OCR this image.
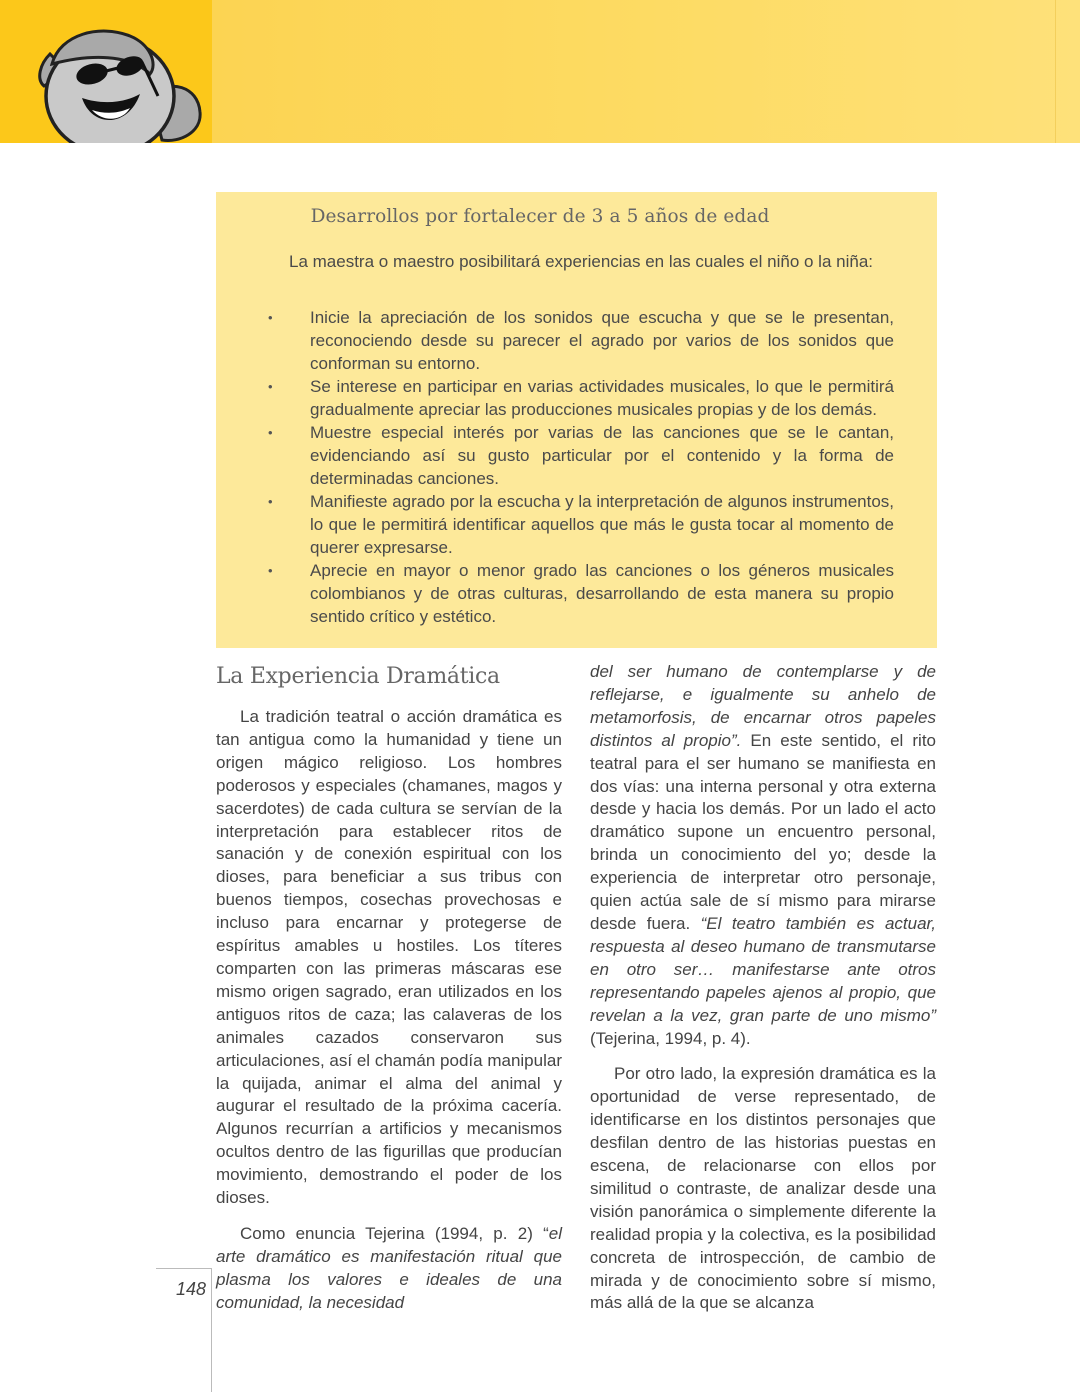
Desarrollos por fortalecer de 3 a 5 años de edad
La maestra o maestro posibilitará experiencias en las cuales el niño o la niña:
• Inicie la apreciación de los sonidos que escucha y que se le presentan, reconociendo desde su parecer el agrado por varios de los sonidos que conforman su entorno.
• Se interese en participar en varias actividades musicales, lo que le permitirá gradualmente apreciar las producciones musicales propias y de los demás.
• Muestre especial interés por varias de las canciones que se le cantan, evidenciando así su gusto particular por el contenido y la forma de determinadas canciones.
• Manifieste agrado por la escucha y la interpretación de algunos instrumentos, lo que le permitirá identificar aquellos que más le gusta tocar al momento de querer expresarse.
• Aprecie en mayor o menor grado las canciones o los géneros musicales colombianos y de otras culturas, desarrollando de esta manera su propio sentido crítico y estético.
La Experiencia Dramática

La tradición teatral o acción dramática es tan antigua como la humanidad y tiene un origen mágico religioso. Los hombres poderosos y especiales (chamanes, magos y sacerdotes) de cada cultura se servían de la interpretación para establecer ritos de sanación y de conexión espiritual con los dioses, para beneficiar a sus tribus con buenos tiempos, cosechas provechosas e incluso para encarnar y protegerse de espíritus amables u hostiles. Los títeres comparten con las primeras máscaras ese mismo origen sagrado, eran utilizados en los antiguos ritos de caza; las calaveras de los animales cazados conservaron sus articulaciones, así el chamán podía manipular la quijada, animar el alma del animal y augurar el resultado de la próxima cacería. Algunos recurrían a artificios y mecanismos ocultos dentro de las figurillas que producían movimiento, demostrando el poder de los dioses.

Como enuncia Tejerina (1994, p. 2) “el arte dramático es manifestación ritual que plasma los valores e ideales de una comunidad, la necesidad

del ser humano de contemplarse y de reflejarse, e igualmente su anhelo de metamorfosis, de encarnar otros papeles distintos al propio”. En este sentido, el rito teatral para el ser humano se manifiesta en dos vías: una interna personal y otra externa desde y hacia los demás. Por un lado el acto dramático supone un encuentro personal, brinda un conocimiento del yo; desde la experiencia de interpretar otro personaje, quien actúa sale de sí mismo para mirarse desde fuera. “El teatro también es actuar, respuesta al deseo humano de transmutarse en otro ser… manifestarse ante otros representando papeles ajenos al propio, que revelan a la vez, gran parte de uno mismo” (Tejerina, 1994, p. 4).

Por otro lado, la expresión dramática es la oportunidad de verse representado, de identificarse en los distintos personajes que desfilan dentro de las historias puestas en escena, de relacionarse con ellos por similitud o contraste, de analizar desde una visión panorámica o simplemente diferente la realidad propia y la colectiva, es la posibilidad concreta de introspección, de cambio de mirada y de conocimiento sobre sí mismo, más allá de la que se alcanza

148
